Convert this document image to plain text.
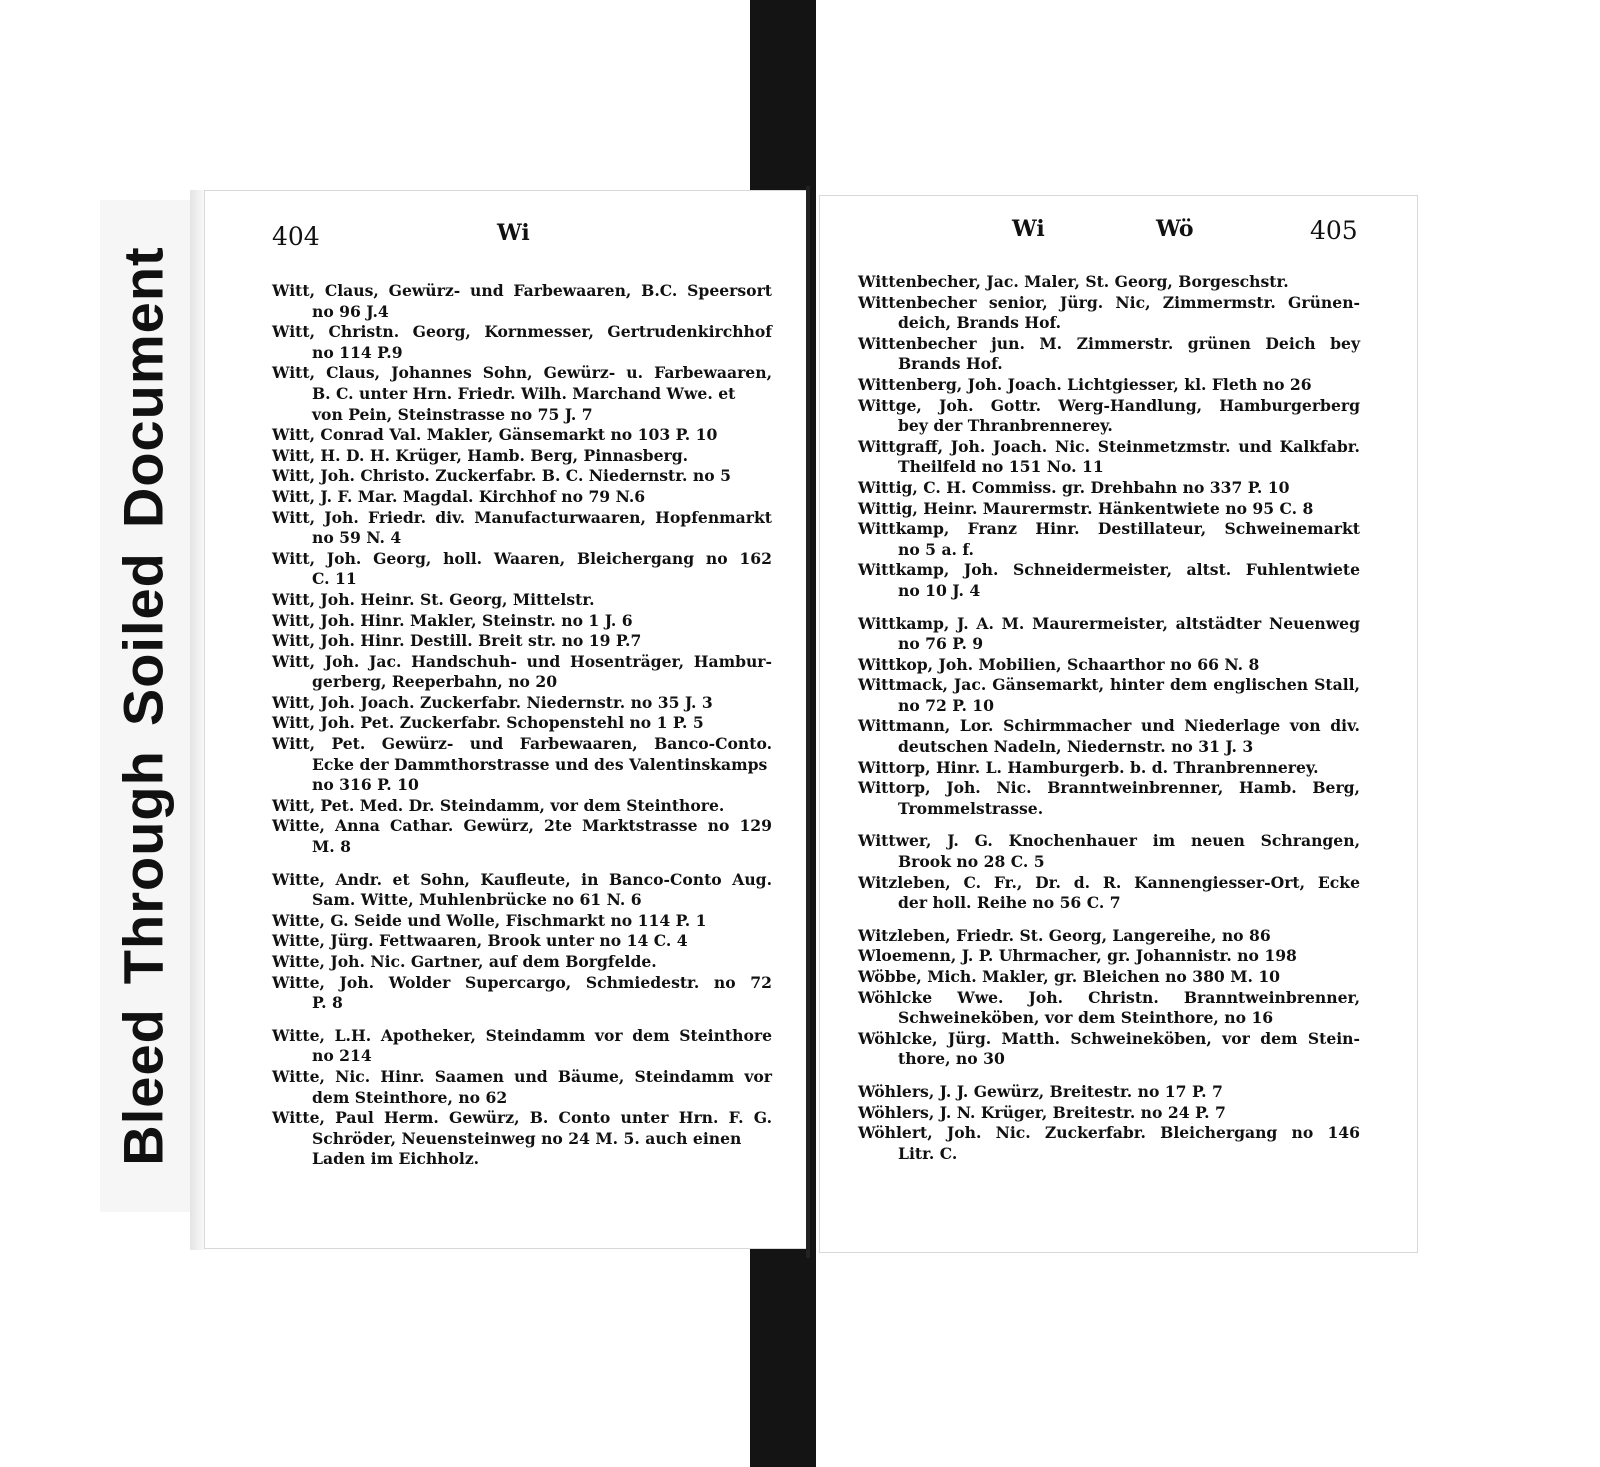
BleedThroughSoiledDocument
404	Wi	Wi	Wö	405
Witt, Claus, Gewürz- und Farbewaaren, B.C. Speersort
no 96 J.4
Witt, Christn. Georg, Kornmesser, Gertrudenkirchhof
no 114 P.9
Witt, Claus, Johannes Sohn, Gewürz- u. Farbewaaren,
B. C. unter Hrn. Friedr. Wilh. Marchand Wwe. et
von Pein, Steinstrasse no 75 J. 7
Witt, Conrad Val. Makler, Gänsemarkt no 103 P. 10
Witt, H. D. H. Krüger, Hamb. Berg, Pinnasberg.
Witt, Joh. Christo. Zuckerfabr. B. C. Niedernstr. no 5
Witt, J. F. Mar. Magdal. Kirchhof no 79 N.6
Witt, Joh. Friedr. div. Manufacturwaaren, Hopfenmarkt
no 59 N. 4
Witt, Joh. Georg, holl. Waaren, Bleichergang no 162
C. 11
Witt, Joh. Heinr. St. Georg, Mittelstr.
Witt, Joh. Hinr. Makler, Steinstr. no 1 J. 6
Witt, Joh. Hinr. Destill. Breit str. no 19 P.7
Witt, Joh. Jac. Handschuh- und Hosenträger, Hambur-
gerberg, Reeperbahn, no 20
Witt, Joh. Joach. Zuckerfabr. Niedernstr. no 35 J. 3
Witt, Joh. Pet. Zuckerfabr. Schopenstehl no 1 P. 5
Witt, Pet. Gewürz- und Farbewaaren, Banco-Conto.
Ecke der Dammthorstrasse und des Valentinskamps
no 316 P. 10
Witt, Pet. Med. Dr. Steindamm, vor dem Steinthore.
Witte, Anna Cathar. Gewürz, 2te Marktstrasse no 129
M. 8
Witte, Andr. et Sohn, Kaufleute, in Banco-Conto Aug.
Sam. Witte, Muhlenbrücke no 61 N. 6
Witte, G. Seide und Wolle, Fischmarkt no 114 P. 1
Witte, Jürg. Fettwaaren, Brook unter no 14 C. 4
Witte, Joh. Nic. Gartner, auf dem Borgfelde.
Witte, Joh. Wolder Supercargo, Schmiedestr. no 72
P. 8
Witte, L.H. Apotheker, Steindamm vor dem Steinthore
no 214
Witte, Nic. Hinr. Saamen und Bäume, Steindamm vor
dem Steinthore, no 62
Witte, Paul Herm. Gewürz, B. Conto unter Hrn. F. G.
Schröder, Neuensteinweg no 24 M. 5. auch einen
Laden im Eichholz.
Wittenbecher, Jac. Maler, St. Georg, Borgeschstr.
Wittenbecher senior, Jürg. Nic, Zimmermstr. Grünen-
deich, Brands Hof.
Wittenbecher jun. M. Zimmerstr. grünen Deich bey
Brands Hof.
Wittenberg, Joh. Joach. Lichtgiesser, kl. Fleth no 26
Wittge, Joh. Gottr. Werg-Handlung, Hamburgerberg
bey der Thranbrennerey.
Wittgraff, Joh. Joach. Nic. Steinmetzmstr. und Kalkfabr.
Theilfeld no 151 No. 11
Wittig, C. H. Commiss. gr. Drehbahn no 337 P. 10
Wittig, Heinr. Maurermstr. Hänkentwiete no 95 C. 8
Wittkamp, Franz Hinr. Destillateur, Schweinemarkt
no 5 a. f.
Wittkamp, Joh. Schneidermeister, altst. Fuhlentwiete
no 10 J. 4
Wittkamp, J. A. M. Maurermeister, altstädter Neuenweg
no 76 P. 9
Wittkop, Joh. Mobilien, Schaarthor no 66 N. 8
Wittmack, Jac. Gänsemarkt, hinter dem englischen Stall,
no 72 P. 10
Wittmann, Lor. Schirmmacher und Niederlage von div.
deutschen Nadeln, Niedernstr. no 31 J. 3
Wittorp, Hinr. L. Hamburgerb. b. d. Thranbrennerey.
Wittorp, Joh. Nic. Branntweinbrenner, Hamb. Berg,
Trommelstrasse.
Wittwer, J. G. Knochenhauer im neuen Schrangen,
Brook no 28 C. 5
Witzleben, C. Fr., Dr. d. R. Kannengiesser-Ort, Ecke
der holl. Reihe no 56 C. 7
Witzleben, Friedr. St. Georg, Langereihe, no 86
Wloemenn, J. P. Uhrmacher, gr. Johannistr. no 198
Wöbbe, Mich. Makler, gr. Bleichen no 380 M. 10
Wöhlcke Wwe. Joh. Christn. Branntweinbrenner,
Schweineköben, vor dem Steinthore, no 16
Wöhlcke, Jürg. Matth. Schweineköben, vor dem Stein-
thore, no 30
Wöhlers, J. J. Gewürz, Breitestr. no 17 P. 7
Wöhlers, J. N. Krüger, Breitestr. no 24 P. 7
Wöhlert, Joh. Nic. Zuckerfabr. Bleichergang no 146
Litr. C.
